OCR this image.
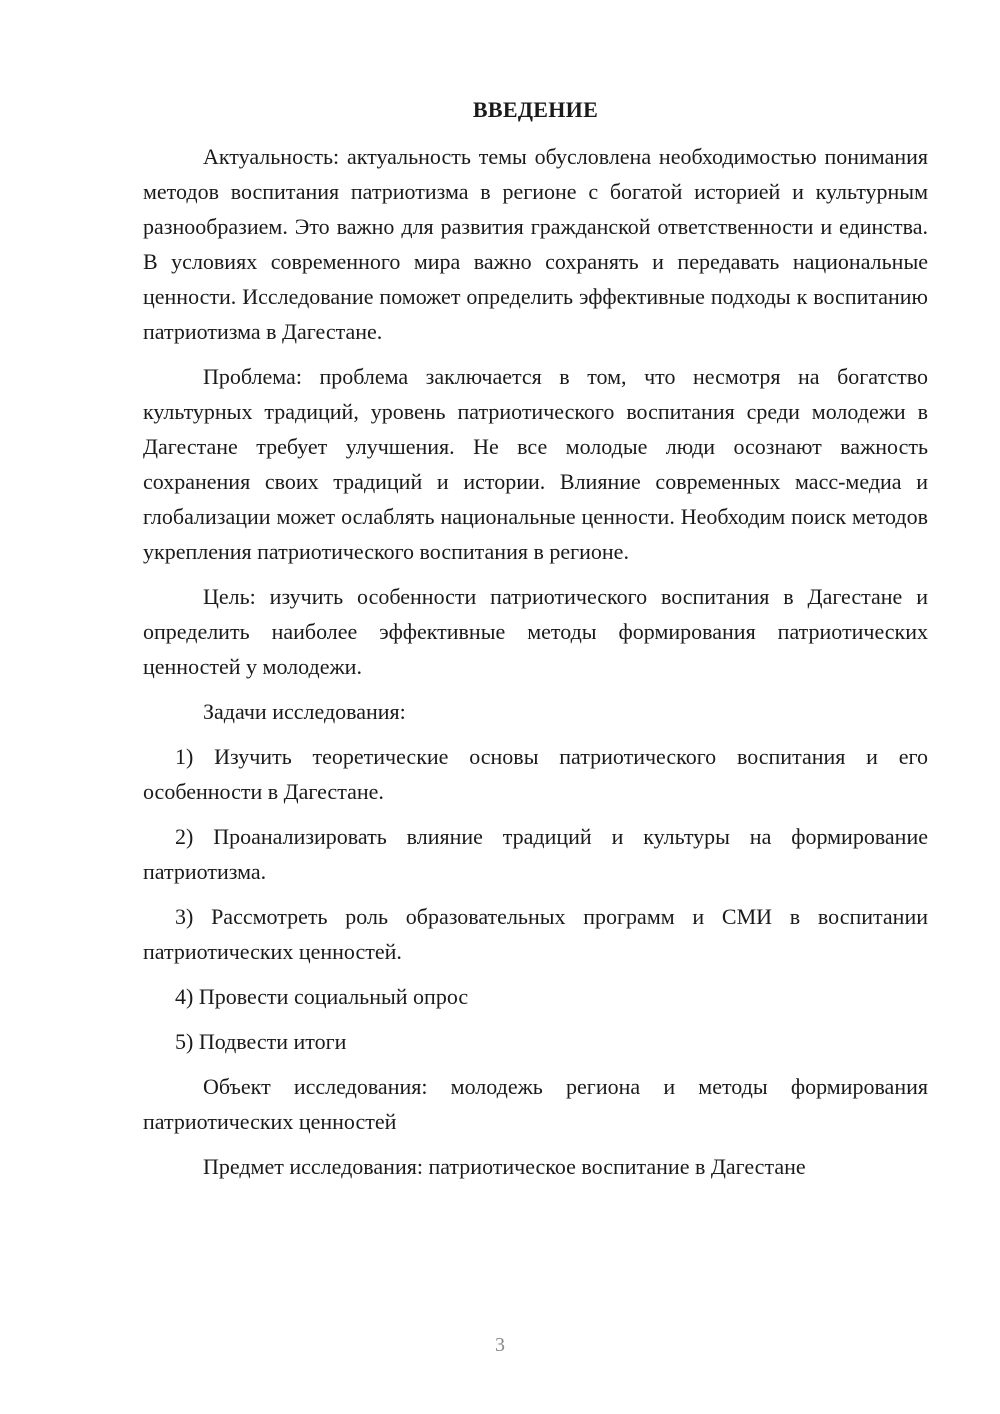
ВВЕДЕНИЕ

Актуальность: актуальность темы обусловлена необходимостью понимания методов воспитания патриотизма в регионе с богатой историей и культурным разнообразием. Это важно для развития гражданской ответственности и единства. В условиях современного мира важно сохранять и передавать национальные ценности. Исследование поможет определить эффективные подходы к воспитанию патриотизма в Дагестане.

Проблема: проблема заключается в том, что несмотря на богатство культурных традиций, уровень патриотического воспитания среди молодежи в Дагестане требует улучшения. Не все молодые люди осознают важность сохранения своих традиций и истории. Влияние современных масс-медиа и глобализации может ослаблять национальные ценности. Необходим поиск методов укрепления патриотического воспитания в регионе.

Цель: изучить особенности патриотического воспитания в Дагестане и определить наиболее эффективные методы формирования патриотических ценностей у молодежи.

Задачи исследования:

1) Изучить теоретические основы патриотического воспитания и его особенности в Дагестане.

2) Проанализировать влияние традиций и культуры на формирование патриотизма.

3) Рассмотреть роль образовательных программ и СМИ в воспитании патриотических ценностей.

4) Провести социальный опрос

5) Подвести итоги

Объект исследования: молодежь региона и методы формирования патриотических ценностей

Предмет исследования: патриотическое воспитание в Дагестане

3
